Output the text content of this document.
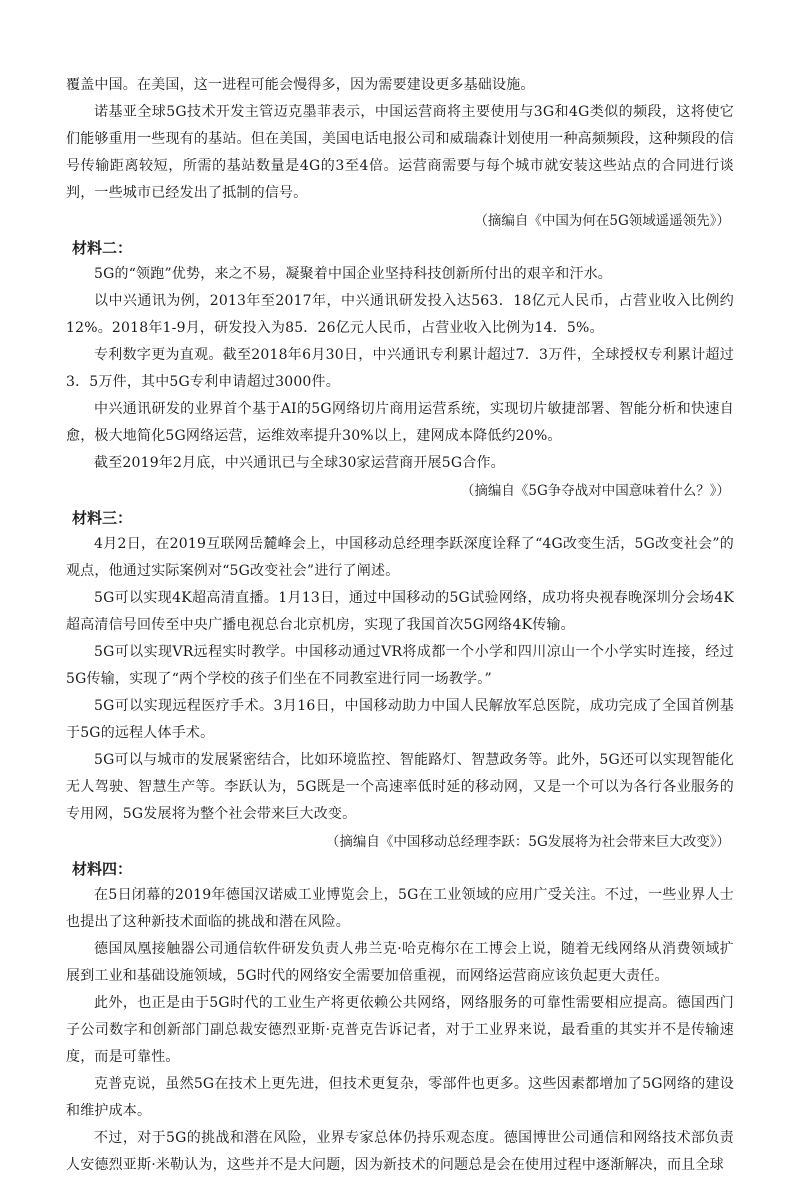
覆盖中国。在美国，这一进程可能会慢得多，因为需要建设更多基础设施。

诺基亚全球5G技术开发主管迈克墨菲表示，中国运营商将主要使用与3G和4G类似的频段，这将使它们能够重用一些现有的基站。但在美国，美国电话电报公司和威瑞森计划使用一种高频频段，这种频段的信号传输距离较短，所需的基站数量是4G的3至4倍。运营商需要与每个城市就安装这些站点的合同进行谈判，一些城市已经发出了抵制的信号。

（摘编自《中国为何在5G领域遥遥领先》）

材料二：

5G的“领跑”优势，来之不易，凝聚着中国企业坚持科技创新所付出的艰辛和汗水。

以中兴通讯为例，2013年至2017年，中兴通讯研发投入达563．18亿元人民币，占营业收入比例约12%。2018年1-9月，研发投入为85．26亿元人民币，占营业收入比例为14．5%。

专利数字更为直观。截至2018年6月30日，中兴通讯专利累计超过7．3万件，全球授权专利累计超过3．5万件，其中5G专利申请超过3000件。

中兴通讯研发的业界首个基于AI的5G网络切片商用运营系统，实现切片敏捷部署、智能分析和快速自愈，极大地简化5G网络运营，运维效率提升30%以上，建网成本降低约20%。

截至2019年2月底，中兴通讯已与全球30家运营商开展5G合作。

（摘编自《5G争夺战对中国意味着什么？》）

材料三：

4月2日，在2019互联网岳麓峰会上，中国移动总经理李跃深度诠释了“4G改变生活，5G改变社会”的观点，他通过实际案例对“5G改变社会”进行了阐述。

5G可以实现4K超高清直播。1月13日，通过中国移动的5G试验网络，成功将央视春晚深圳分会场4K超高清信号回传至中央广播电视总台北京机房，实现了我国首次5G网络4K传输。

5G可以实现VR远程实时教学。中国移动通过VR将成都一个小学和四川凉山一个小学实时连接，经过5G传输，实现了“两个学校的孩子们坐在不同教室进行同一场教学。”

5G可以实现远程医疗手术。3月16日，中国移动助力中国人民解放军总医院，成功完成了全国首例基于5G的远程人体手术。

5G可以与城市的发展紧密结合，比如环境监控、智能路灯、智慧政务等。此外，5G还可以实现智能化无人驾驶、智慧生产等。李跃认为，5G既是一个高速率低时延的移动网，又是一个可以为各行各业服务的专用网，5G发展将为整个社会带来巨大改变。

（摘编自《中国移动总经理李跃：5G发展将为社会带来巨大改变》）

材料四：

在5日闭幕的2019年德国汉诺威工业博览会上，5G在工业领域的应用广受关注。不过，一些业界人士也提出了这种新技术面临的挑战和潜在风险。

德国凤凰接触器公司通信软件研发负责人弗兰克·哈克梅尔在工博会上说，随着无线网络从消费领域扩展到工业和基础设施领域，5G时代的网络安全需要加倍重视，而网络运营商应该负起更大责任。

此外，也正是由于5G时代的工业生产将更依赖公共网络，网络服务的可靠性需要相应提高。德国西门子公司数字和创新部门副总裁安德烈亚斯·克普克告诉记者，对于工业界来说，最看重的其实并不是传输速度，而是可靠性。

克普克说，虽然5G在技术上更先进，但技术更复杂，零部件也更多。这些因素都增加了5G网络的建设和维护成本。

不过，对于5G的挑战和潜在风险，业界专家总体仍持乐观态度。德国博世公司通信和网络技术部负责人安德烈亚斯·米勒认为，这些并不是大问题，因为新技术的问题总是会在使用过程中逐渐解决，而且全球
